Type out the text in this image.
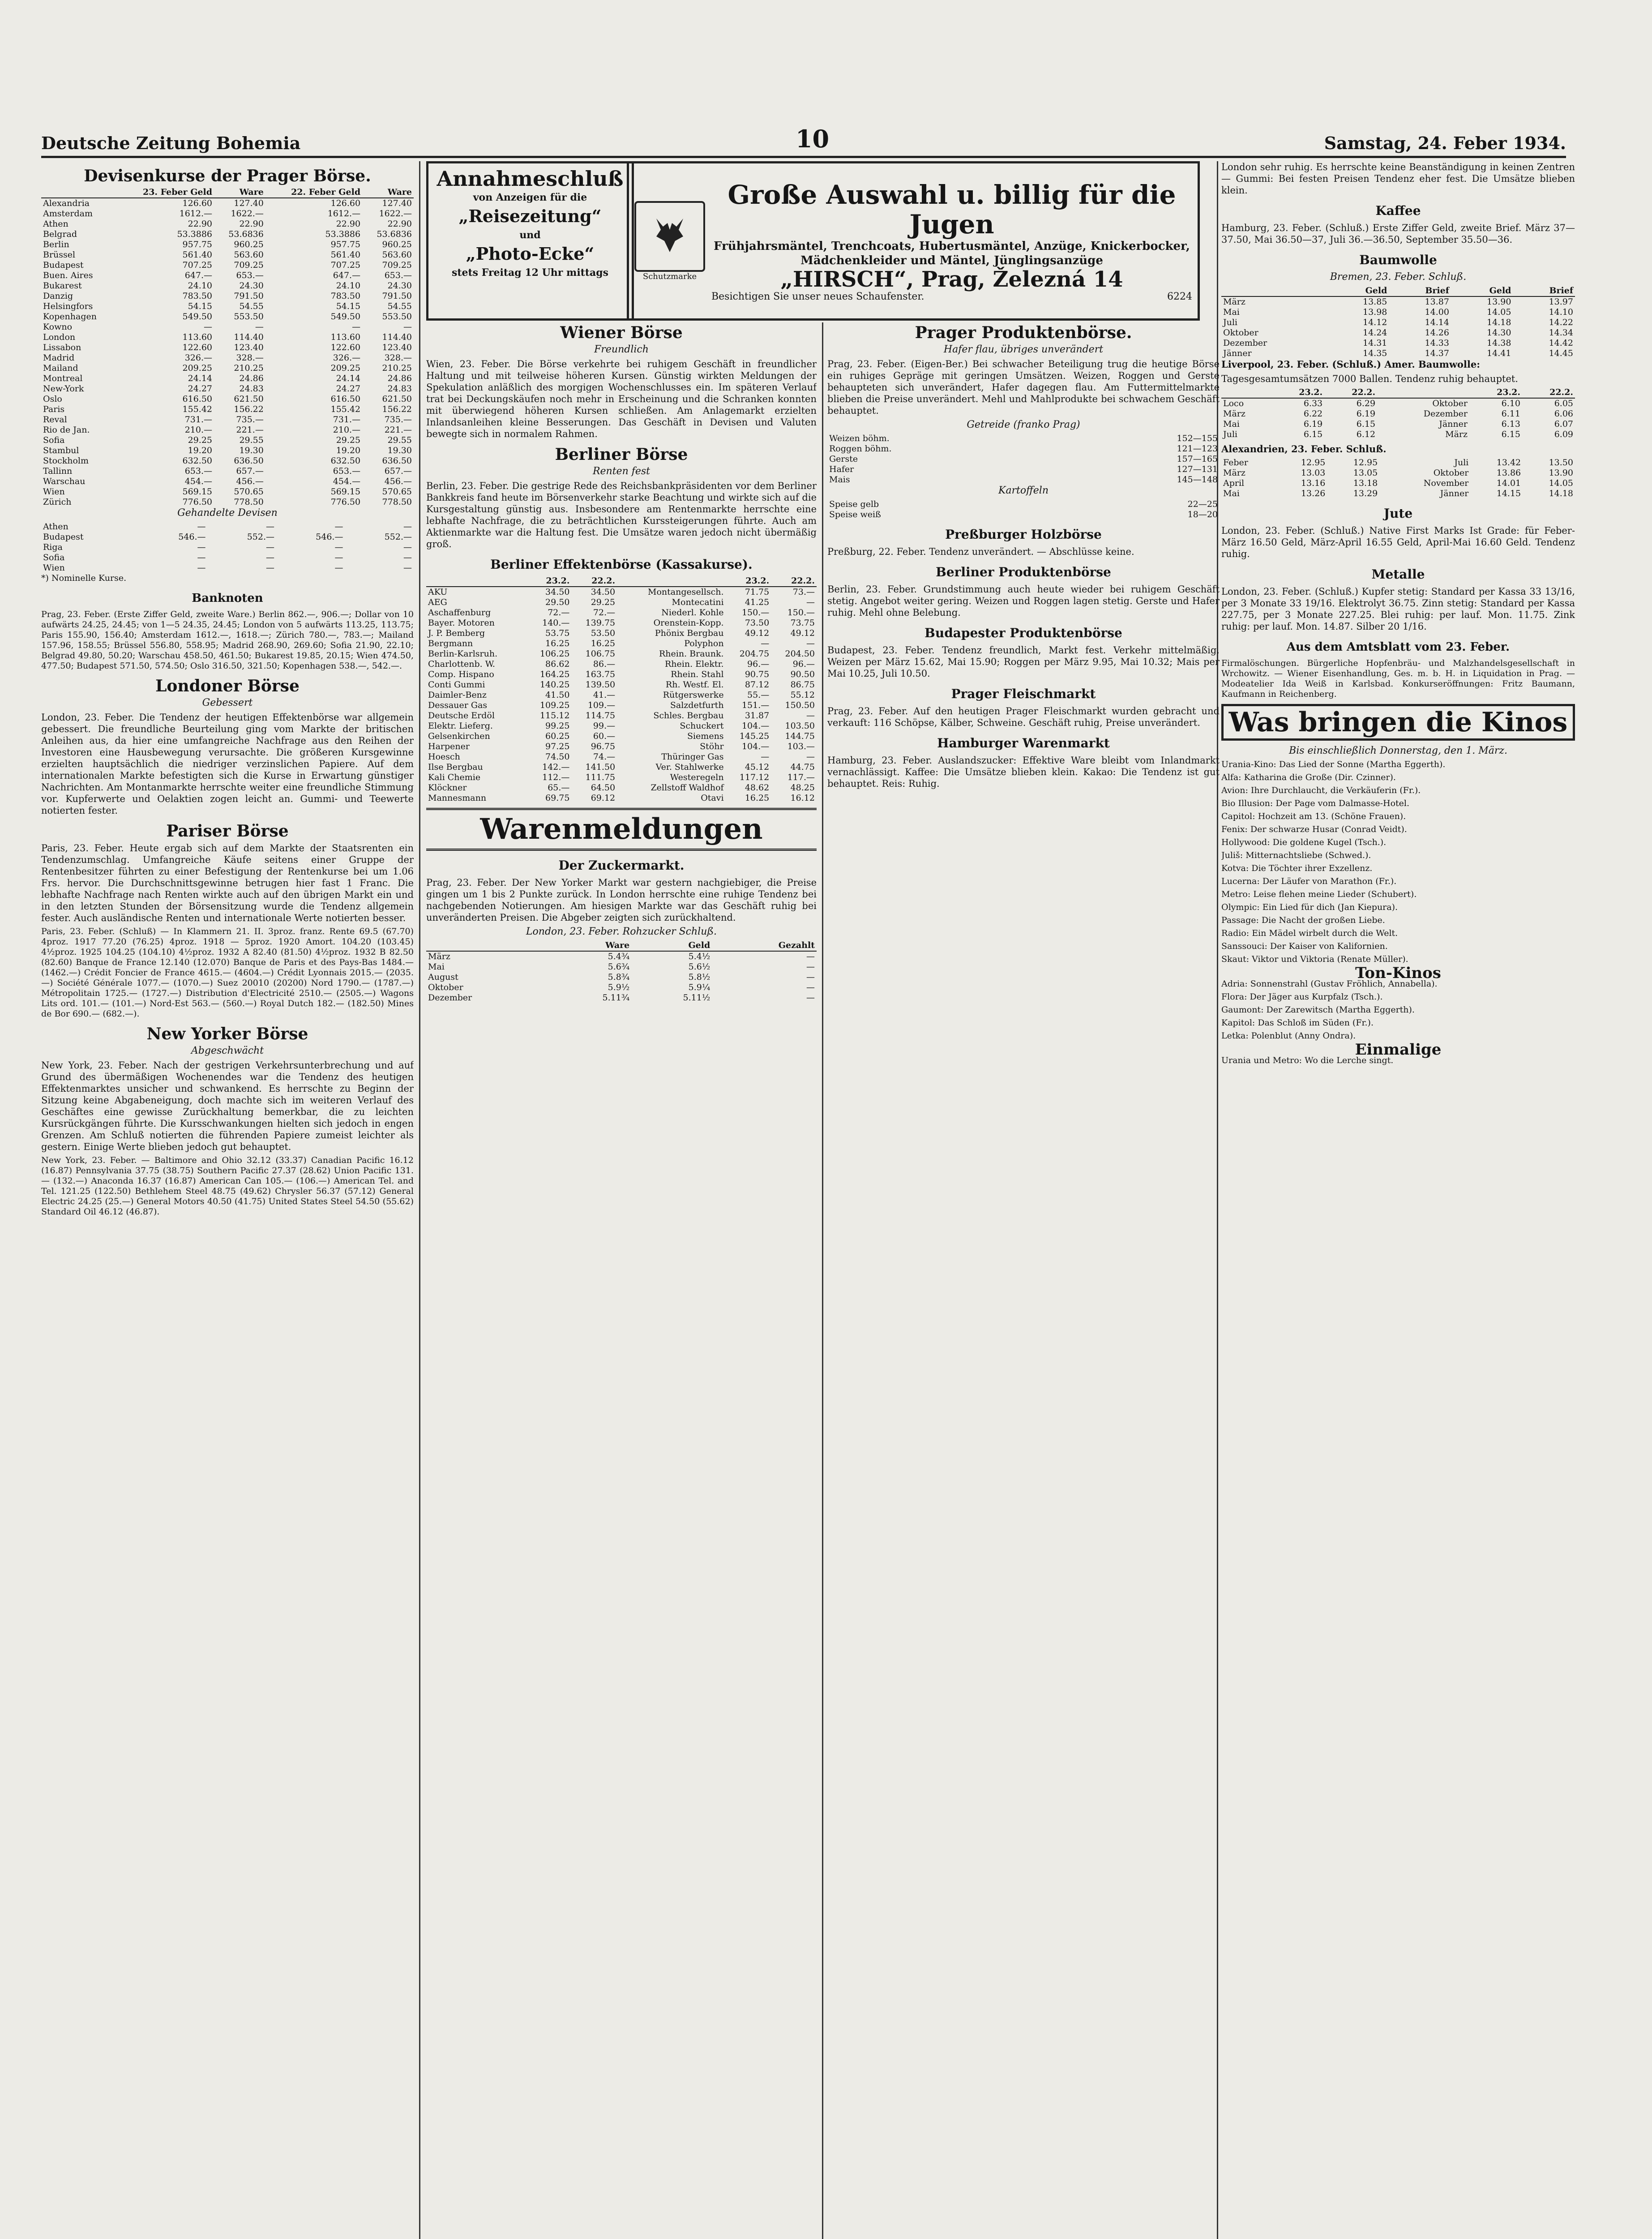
Deutsche Zeitung Bohemia	10	Samstag, 24. Feber 1934.
Devisenkurse der Prager Börse.
	23. Feber Geld	Ware	22. Feber Geld	Ware
Alexandria	126.60	127.40	126.60	127.40
Amsterdam	1612.—	1622.—	1612.—	1622.—
Athen	22.90	22.90	22.90	22.90
Belgrad	53.3886	53.6836	53.3886	53.6836
Berlin	957.75	960.25	957.75	960.25
Brüssel	561.40	563.60	561.40	563.60
Budapest	707.25	709.25	707.25	709.25
Buen. Aires	647.—	653.—	647.—	653.—
Bukarest	24.10	24.30	24.10	24.30
Danzig	783.50	791.50	783.50	791.50
Helsingfors	54.15	54.55	54.15	54.55
Kopenhagen	549.50	553.50	549.50	553.50
Kowno	—	—	—	—
London	113.60	114.40	113.60	114.40
Lissabon	122.60	123.40	122.60	123.40
Madrid	326.—	328.—	326.—	328.—
Mailand	209.25	210.25	209.25	210.25
Montreal	24.14	24.86	24.14	24.86
New-York	24.27	24.83	24.27	24.83
Oslo	616.50	621.50	616.50	621.50
Paris	155.42	156.22	155.42	156.22
Reval	731.—	735.—	731.—	735.—
Rio de Jan.	210.—	221.—	210.—	221.—
Sofia	29.25	29.55	29.25	29.55
Stambul	19.20	19.30	19.20	19.30
Stockholm	632.50	636.50	632.50	636.50
Tallinn	653.—	657.—	653.—	657.—
Warschau	454.—	456.—	454.—	456.—
Wien	569.15	570.65	569.15	570.65
Zürich	776.50	778.50	776.50	778.50
Gehandelte Devisen
Athen	—	—	—	—
Budapest	546.—	552.—	546.—	552.—
Riga	—	—	—	—
Sofia	—	—	—	—
Wien	—	—	—	—
*) Nominelle Kurse.
Banknoten
Prag, 23. Feber. (Erste Ziffer Geld, zweite Ware.) Berlin 862.—, 906.—; Dollar von 10 aufwärts 24.25, 24.45; von 1—5 24.35, 24.45; London von 5 aufwärts 113.25, 113.75; Paris 155.90, 156.40; Amsterdam 1612.—, 1618.—; Zürich 780.—, 783.—; Mailand 157.96, 158.55; Brüssel 556.80, 558.95; Madrid 268.90, 269.60; Sofia 21.90, 22.10; Belgrad 49.80, 50.20; Warschau 458.50, 461.50; Bukarest 19.85, 20.15; Wien 474.50, 477.50; Budapest 571.50, 574.50; Oslo 316.50, 321.50; Kopenhagen 538.—, 542.—.
Londoner Börse
Gebessert
London, 23. Feber. Die Tendenz der heutigen Effektenbörse war allgemein gebessert. Die freundliche Beurteilung ging vom Markte der britischen Anleihen aus, da hier eine umfangreiche Nachfrage aus den Reihen der Investoren eine Hausbewegung verursachte. Die größeren Kursgewinne erzielten hauptsächlich die niedriger verzinslichen Papiere. Auf dem internationalen Markte befestigten sich die Kurse in Erwartung günstiger Nachrichten. Am Montanmarkte herrschte weiter eine freundliche Stimmung vor. Kupferwerte und Oelaktien zogen leicht an. Gummi- und Teewerte notierten fester.
Pariser Börse
Paris, 23. Feber. Heute ergab sich auf dem Markte der Staatsrenten ein Tendenzumschlag. Umfangreiche Käufe seitens einer Gruppe der Rentenbesitzer führten zu einer Befestigung der Rentenkurse bei um 1.06 Frs. hervor. Die Durchschnittsgewinne betrugen hier fast 1 Franc. Die lebhafte Nachfrage nach Renten wirkte auch auf den übrigen Markt ein und in den letzten Stunden der Börsensitzung wurde die Tendenz allgemein fester. Auch ausländische Renten und internationale Werte notierten besser.
Paris, 23. Feber. (Schluß) — In Klammern 21. II. 3proz. franz. Rente 69.5 (67.70) 4proz. 1917 77.20 (76.25) 4proz. 1918 — 5proz. 1920 Amort. 104.20 (103.45) 4½proz. 1925 104.25 (104.10) 4½proz. 1932 A 82.40 (81.50) 4½proz. 1932 B 82.50 (82.60) Banque de France 12.140 (12.070) Banque de Paris et des Pays-Bas 1484.— (1462.—) Crédit Foncier de France 4615.— (4604.—) Crédit Lyonnais 2015.— (2035.—) Société Générale 1077.— (1070.—) Suez 20010 (20200) Nord 1790.— (1787.—) Métropolitain 1725.— (1727.—) Distribution d'Electricité 2510.— (2505.—) Wagons Lits ord. 101.— (101.—) Nord-Est 563.— (560.—) Royal Dutch 182.— (182.50) Mines de Bor 690.— (682.—).
New Yorker Börse
Abgeschwächt
New York, 23. Feber. Nach der gestrigen Verkehrsunterbrechung und auf Grund des übermäßigen Wochenendes war die Tendenz des heutigen Effektenmarktes unsicher und schwankend. Es herrschte zu Beginn der Sitzung keine Abgabeneigung, doch machte sich im weiteren Verlauf des Geschäftes eine gewisse Zurückhaltung bemerkbar, die zu leichten Kursrückgängen führte. Die Kursschwankungen hielten sich jedoch in engen Grenzen. Am Schluß notierten die führenden Papiere zumeist leichter als gestern. Einige Werte blieben jedoch gut behauptet.
New York, 23. Feber. — Baltimore and Ohio 32.12 (33.37) Canadian Pacific 16.12 (16.87) Pennsylvania 37.75 (38.75) Southern Pacific 27.37 (28.62) Union Pacific 131.— (132.—) Anaconda 16.37 (16.87) American Can 105.— (106.—) American Tel. and Tel. 121.25 (122.50) Bethlehem Steel 48.75 (49.62) Chrysler 56.37 (57.12) General Electric 24.25 (25.—) General Motors 40.50 (41.75) United States Steel 54.50 (55.62) Standard Oil 46.12 (46.87).
Annahmeschluß
von Anzeigen für die
„Reisezeitung“
und
„Photo-Ecke“
stets Freitag 12 Uhr mittags	Schutzmarke
Große Auswahl u. billig für die Jugen
Frühjahrsmäntel, Trenchcoats, Hubertusmäntel, Anzüge, Knickerbocker, Mädchenkleider und Mäntel, Jünglingsanzüge
„HIRSCH“, Prag, Železná 14
Besichtigen Sie unser neues Schaufenster.	6224
Wiener Börse
Freundlich
Wien, 23. Feber. Die Börse verkehrte bei ruhigem Geschäft in freundlicher Haltung und mit teilweise höheren Kursen. Günstig wirkten Meldungen der Spekulation anläßlich des morgigen Wochenschlusses ein. Im späteren Verlauf trat bei Deckungskäufen noch mehr in Erscheinung und die Schranken konnten mit überwiegend höheren Kursen schließen. Am Anlagemarkt erzielten Inlandsanleihen kleine Besserungen. Das Geschäft in Devisen und Valuten bewegte sich in normalem Rahmen.
Berliner Börse
Renten fest
Berlin, 23. Feber. Die gestrige Rede des Reichsbankpräsidenten vor dem Berliner Bankkreis fand heute im Börsenverkehr starke Beachtung und wirkte sich auf die Kursgestaltung günstig aus. Insbesondere am Rentenmarkte herrschte eine lebhafte Nachfrage, die zu beträchtlichen Kurssteigerungen führte. Auch am Aktienmarkte war die Haltung fest. Die Umsätze waren jedoch nicht übermäßig groß.
Berliner Effektenbörse (Kassakurse).
	23.2.	22.2.		23.2.	22.2.
AKU	34.50	34.50	Montangesellsch.	71.75	73.—
AEG	29.50	29.25	Montecatini	41.25	—
Aschaffenburg	72.—	72.—	Niederl. Kohle	150.—	150.—
Bayer. Motoren	140.—	139.75	Orenstein-Kopp.	73.50	73.75
J. P. Bemberg	53.75	53.50	Phönix Bergbau	49.12	49.12
Bergmann	16.25	16.25	Polyphon	—	—
Berlin-Karlsruh.	106.25	106.75	Rhein. Braunk.	204.75	204.50
Charlottenb. W.	86.62	86.—	Rhein. Elektr.	96.—	96.—
Comp. Hispano	164.25	163.75	Rhein. Stahl	90.75	90.50
Conti Gummi	140.25	139.50	Rh. Westf. El.	87.12	86.75
Daimler-Benz	41.50	41.—	Rütgerswerke	55.—	55.12
Dessauer Gas	109.25	109.—	Salzdetfurth	151.—	150.50
Deutsche Erdöl	115.12	114.75	Schles. Bergbau	31.87	—
Elektr. Lieferg.	99.25	99.—	Schuckert	104.—	103.50
Gelsenkirchen	60.25	60.—	Siemens	145.25	144.75
Harpener	97.25	96.75	Stöhr	104.—	103.—
Hoesch	74.50	74.—	Thüringer Gas	—	—
Ilse Bergbau	142.—	141.50	Ver. Stahlwerke	45.12	44.75
Kali Chemie	112.—	111.75	Westeregeln	117.12	117.—
Klöckner	65.—	64.50	Zellstoff Waldhof	48.62	48.25
Mannesmann	69.75	69.12	Otavi	16.25	16.12
Warenmeldungen
Der Zuckermarkt.
Prag, 23. Feber. Der New Yorker Markt war gestern nachgiebiger, die Preise gingen um 1 bis 2 Punkte zurück. In London herrschte eine ruhige Tendenz bei nachgebenden Notierungen. Am hiesigen Markte war das Geschäft ruhig bei unveränderten Preisen. Die Abgeber zeigten sich zurückhaltend.
London, 23. Feber. Rohzucker Schluß.
	Ware	Geld	Gezahlt
März	5.4¾	5.4½	—
Mai	5.6¾	5.6½	—
August	5.8¾	5.8½	—
Oktober	5.9½	5.9¼	—
Dezember	5.11¾	5.11½	—
Prager Produktenbörse.
Hafer flau, übriges unverändert
Prag, 23. Feber. (Eigen-Ber.) Bei schwacher Beteiligung trug die heutige Börse ein ruhiges Gepräge mit geringen Umsätzen. Weizen, Roggen und Gerste behaupteten sich unverändert, Hafer dagegen flau. Am Futtermittelmarkte blieben die Preise unverändert. Mehl und Mahlprodukte bei schwachem Geschäft behauptet.
Getreide (franko Prag)
Weizen böhm.	152—155
Roggen böhm.	121—123
Gerste	157—165
Hafer	127—131
Mais	145—148
Kartoffeln
Speise gelb	22—25
Speise weiß	18—20
Preßburger Holzbörse
Preßburg, 22. Feber. Tendenz unverändert. — Abschlüsse keine.
Berliner Produktenbörse
Berlin, 23. Feber. Grundstimmung auch heute wieder bei ruhigem Geschäft stetig. Angebot weiter gering. Weizen und Roggen lagen stetig. Gerste und Hafer ruhig. Mehl ohne Belebung.
Budapester Produktenbörse
Budapest, 23. Feber. Tendenz freundlich, Markt fest. Verkehr mittelmäßig. Weizen per März 15.62, Mai 15.90; Roggen per März 9.95, Mai 10.32; Mais per Mai 10.25, Juli 10.50.
Prager Fleischmarkt
Prag, 23. Feber. Auf den heutigen Prager Fleischmarkt wurden gebracht und verkauft: 116 Schöpse, Kälber, Schweine. Geschäft ruhig, Preise unverändert.
Hamburger Warenmarkt
Hamburg, 23. Feber. Auslandszucker: Effektive Ware bleibt vom Inlandmarkt vernachlässigt. Kaffee: Die Umsätze blieben klein. Kakao: Die Tendenz ist gut behauptet. Reis: Ruhig.
London sehr ruhig. Es herrschte keine Beanständigung in keinen Zentren — Gummi: Bei festen Preisen Tendenz eher fest. Die Umsätze blieben klein.
Kaffee
Hamburg, 23. Feber. (Schluß.) Erste Ziffer Geld, zweite Brief. März 37—37.50, Mai 36.50—37, Juli 36.—36.50, September 35.50—36.
Baumwolle
Bremen, 23. Feber. Schluß.
	Geld	Brief	Geld	Brief
März	13.85	13.87	13.90	13.97
Mai	13.98	14.00	14.05	14.10
Juli	14.12	14.14	14.18	14.22
Oktober	14.24	14.26	14.30	14.34
Dezember	14.31	14.33	14.38	14.42
Jänner	14.35	14.37	14.41	14.45
Liverpool, 23. Feber. (Schluß.) Amer. Baumwolle:
Tagesgesamtumsätzen 7000 Ballen. Tendenz ruhig behauptet.
	23.2.	22.2.		23.2.	22.2.
Loco	6.33	6.29	Oktober	6.10	6.05
März	6.22	6.19	Dezember	6.11	6.06
Mai	6.19	6.15	Jänner	6.13	6.07
Juli	6.15	6.12	März	6.15	6.09
Alexandrien, 23. Feber. Schluß.
Feber	12.95	12.95	Juli	13.42	13.50
März	13.03	13.05	Oktober	13.86	13.90
April	13.16	13.18	November	14.01	14.05
Mai	13.26	13.29	Jänner	14.15	14.18
Jute
London, 23. Feber. (Schluß.) Native First Marks Ist Grade: für Feber-März 16.50 Geld, März-April 16.55 Geld, April-Mai 16.60 Geld. Tendenz ruhig.
Metalle
London, 23. Feber. (Schluß.) Kupfer stetig: Standard per Kassa 33 13/16, per 3 Monate 33 19/16. Elektrolyt 36.75. Zinn stetig: Standard per Kassa 227.75, per 3 Monate 227.25. Blei ruhig: per lauf. Mon. 11.75. Zink ruhig: per lauf. Mon. 14.87. Silber 20 1/16.
Aus dem Amtsblatt vom 23. Feber.
Firmalöschungen. Bürgerliche Hopfenbräu- und Malzhandelsgesellschaft in Wrchowitz. — Wiener Eisenhandlung, Ges. m. b. H. in Liquidation in Prag. — Modeatelier Ida Weiß in Karlsbad. Konkurseröffnungen: Fritz Baumann, Kaufmann in Reichenberg.
Was bringen die Kinos
Bis einschließlich Donnerstag, den 1. März.
Urania-Kino: Das Lied der Sonne (Martha Eggerth).
Alfa: Katharina die Große (Dir. Czinner).
Avion: Ihre Durchlaucht, die Verkäuferin (Fr.).
Bio Illusion: Der Page vom Dalmasse-Hotel.
Capitol: Hochzeit am 13. (Schöne Frauen).
Fenix: Der schwarze Husar (Conrad Veidt).
Hollywood: Die goldene Kugel (Tsch.).
Juliš: Mitternachtsliebe (Schwed.).
Kotva: Die Töchter ihrer Exzellenz.
Lucerna: Der Läufer von Marathon (Fr.).
Metro: Leise flehen meine Lieder (Schubert).
Olympic: Ein Lied für dich (Jan Kiepura).
Passage: Die Nacht der großen Liebe.
Radio: Ein Mädel wirbelt durch die Welt.
Sanssouci: Der Kaiser von Kalifornien.
Skaut: Viktor und Viktoria (Renate Müller).
Ton-Kinos
Adria: Sonnenstrahl (Gustav Fröhlich, Annabella).
Flora: Der Jäger aus Kurpfalz (Tsch.).
Gaumont: Der Zarewitsch (Martha Eggerth).
Kapitol: Das Schloß im Süden (Fr.).
Letka: Polenblut (Anny Ondra).
Einmalige
Urania und Metro: Wo die Lerche singt.
